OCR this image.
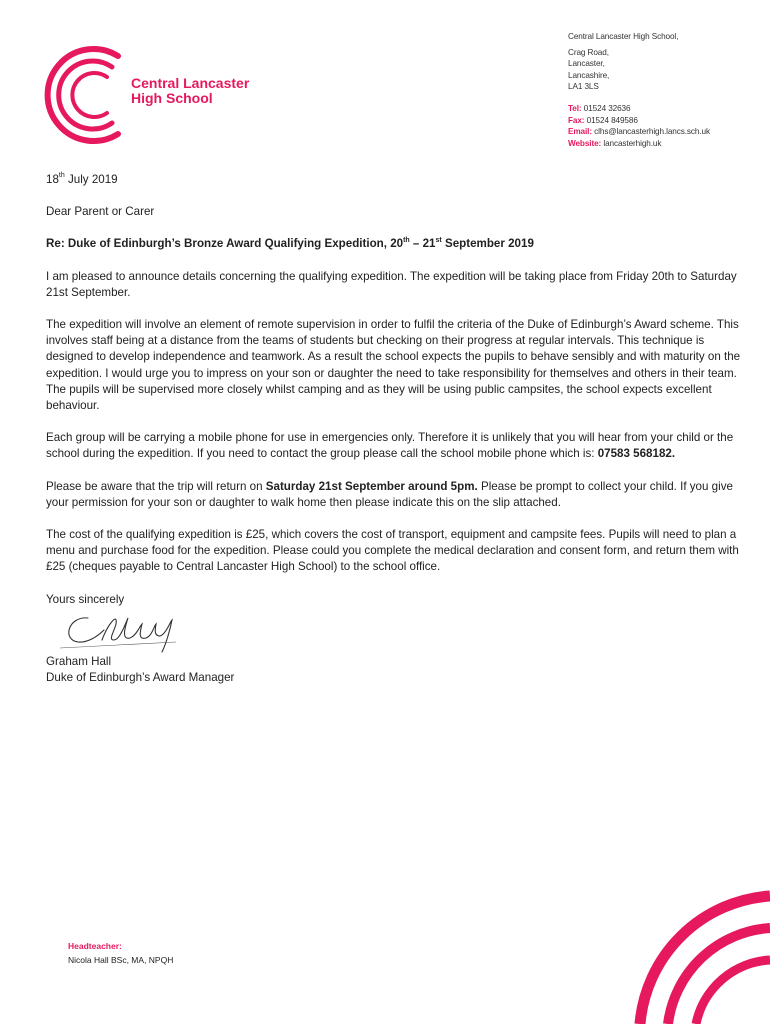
Central Lancaster
High School
Central Lancaster High School,
Crag Road,
Lancaster,
Lancashire,
LA1 3LS
Tel: 01524 32636
Fax: 01524 849586
Email: clhs@lancasterhigh.lancs.sch.uk
Website: lancasterhigh.uk

18th July 2019

Dear Parent or Carer

Re: Duke of Edinburgh’s Bronze Award Qualifying Expedition, 20th – 21st September 2019

I am pleased to announce details concerning the qualifying expedition. The expedition will be taking place from Friday 20th to Saturday 21st September.

The expedition will involve an element of remote supervision in order to fulfil the criteria of the Duke of Edinburgh’s Award scheme. This involves staff being at a distance from the teams of students but checking on their progress at regular intervals. This technique is designed to develop independence and teamwork. As a result the school expects the pupils to behave sensibly and with maturity on the expedition. I would urge you to impress on your son or daughter the need to take responsibility for themselves and others in their team. The pupils will be supervised more closely whilst camping and as they will be using public campsites, the school expects excellent behaviour.

Each group will be carrying a mobile phone for use in emergencies only. Therefore it is unlikely that you will hear from your child or the school during the expedition. If you need to contact the group please call the school mobile phone which is: 07583 568182.

Please be aware that the trip will return on Saturday 21st September around 5pm. Please be prompt to collect your child. If you give your permission for your son or daughter to walk home then please indicate this on the slip attached.

The cost of the qualifying expedition is £25, which covers the cost of transport, equipment and campsite fees. Pupils will need to plan a menu and purchase food for the expedition. Please could you complete the medical declaration and consent form, and return them with £25 (cheques payable to Central Lancaster High School) to the school office.

Yours sincerely
Graham Hall
Duke of Edinburgh’s Award Manager
Headteacher:
Nicola Hall BSc, MA, NPQH
